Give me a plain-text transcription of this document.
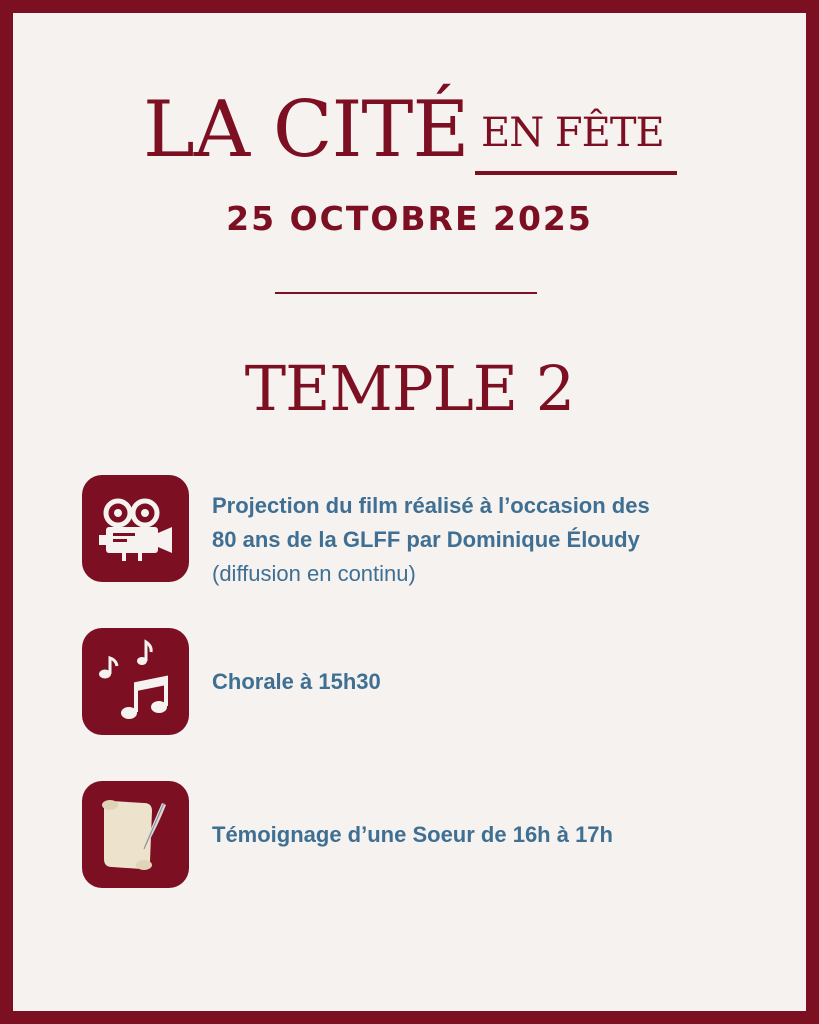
LA CITÉ EN FÊTE
25 OCTOBRE 2025
TEMPLE 2
Projection du film réalisé à l’occasion des
80 ans de la GLFF par Dominique Éloudy
(diffusion en continu)
Chorale à 15h30
Témoignage d’une Soeur de 16h à 17h
